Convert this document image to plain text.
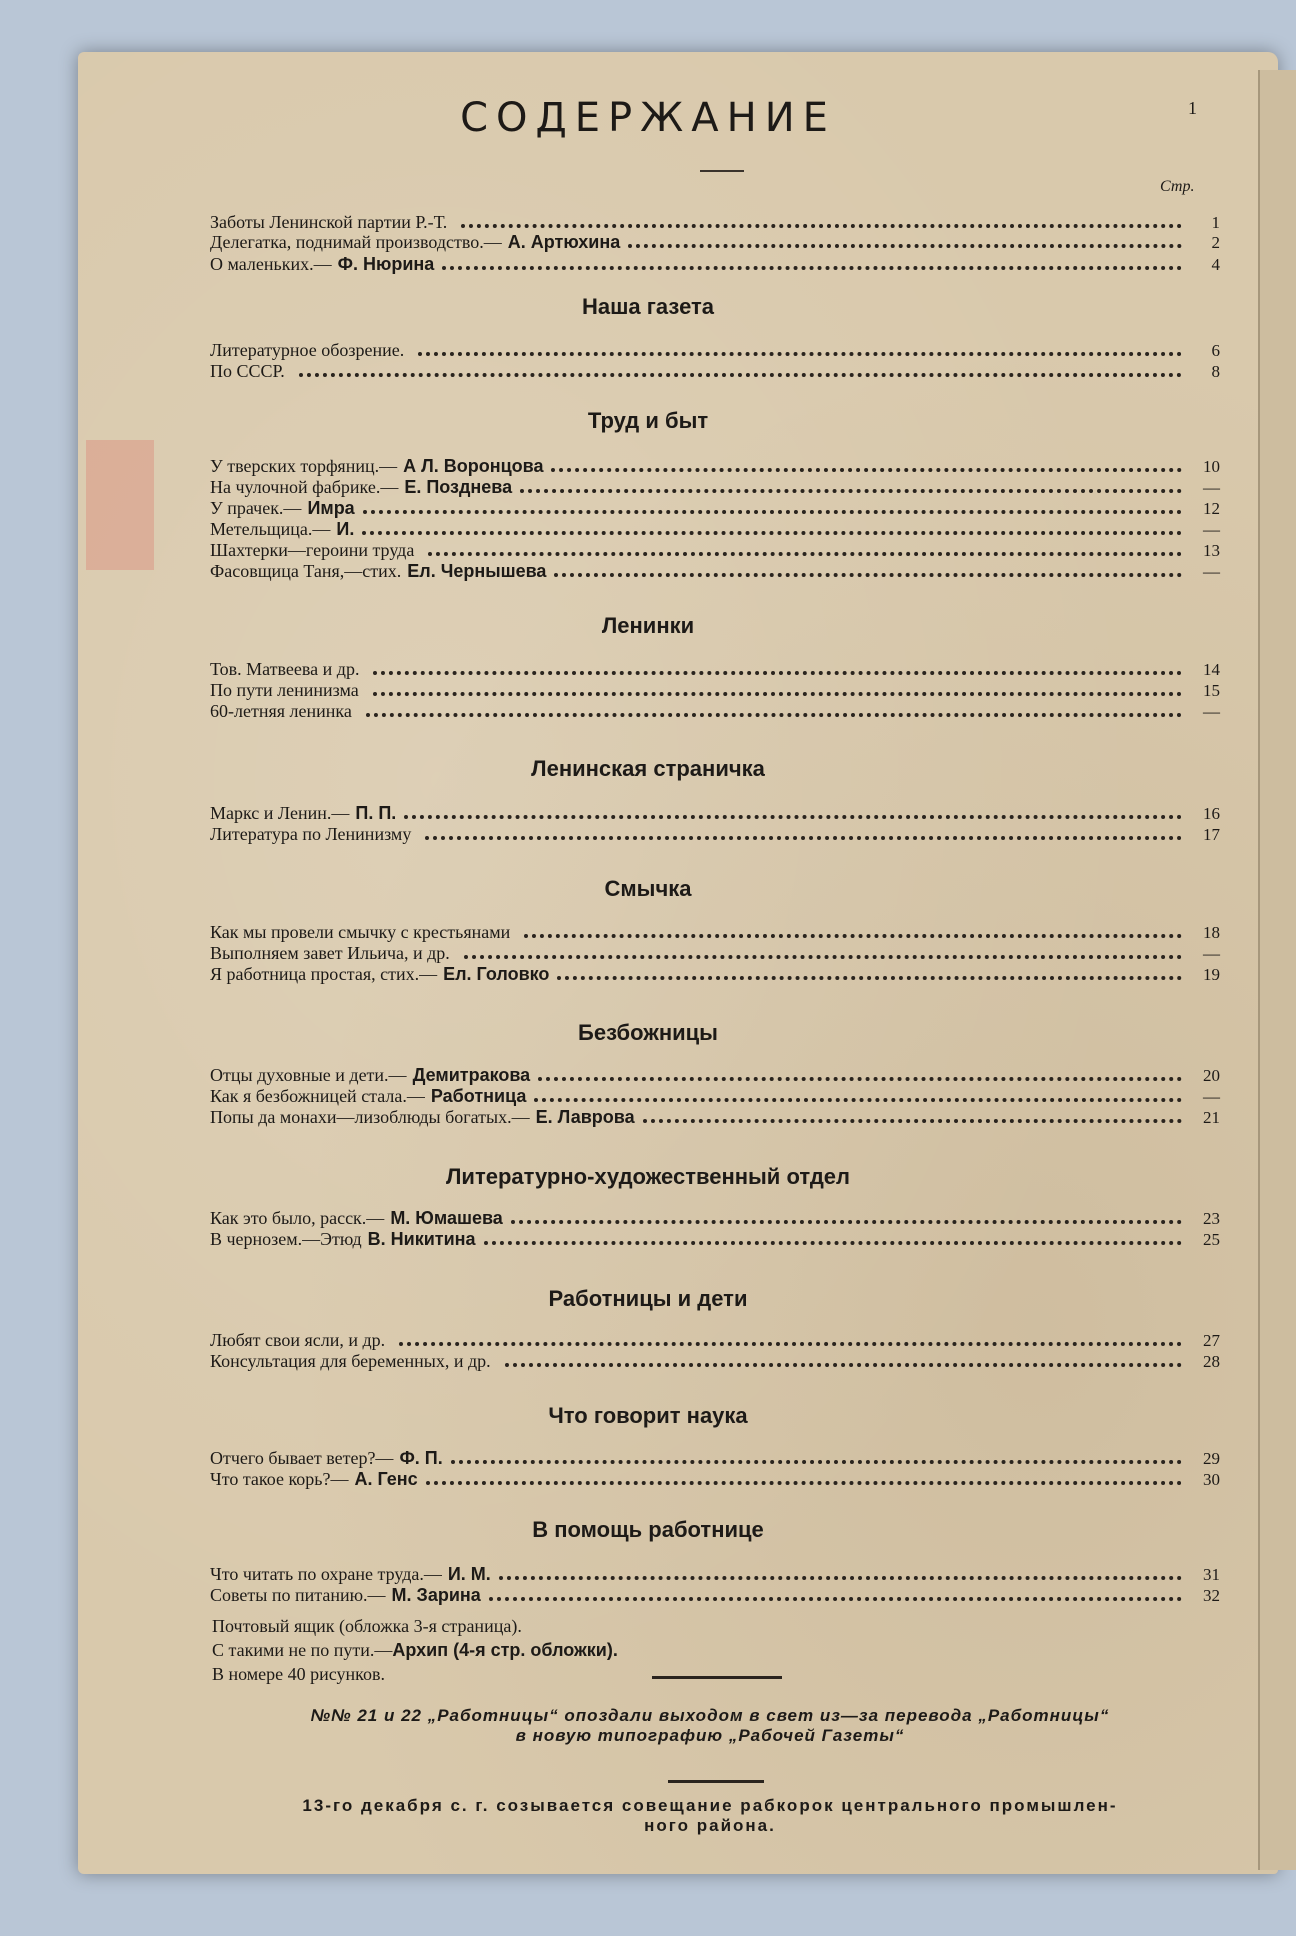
СОДЕРЖАНИЕ	1
Стр.
Заботы Ленинской партии Р.-Т.	1
Делегатка, поднимай производство.— А. Артюхина	2
О маленьких.— Ф. Нюрина	4
Наша газета
Литературное обозрение.	6
По СССР.	8
Труд и быт
У тверских торфяниц.— А Л. Воронцова	10
На чулочной фабрике.— Е. Позднева	—
У прачек.— Имра	12
Метельщица.— И.	—
Шахтерки—героини труда	13
Фасовщица Таня,—стих. Ел. Чернышева	—
Ленинки
Тов. Матвеева и др.	14
По пути ленинизма	15
60-летняя ленинка	—
Ленинская страничка
Маркс и Ленин.— П. П.	16
Литература по Ленинизму	17
Смычка
Как мы провели смычку с крестьянами	18
Выполняем завет Ильича, и др.	—
Я работница простая, стих.— Ел. Головко	19
Безбожницы
Отцы духовные и дети.— Демитракова	20
Как я безбожницей стала.— Работница	—
Попы да монахи—лизоблюды богатых.— Е. Лаврова	21
Литературно-художественный отдел
Как это было, расск.— М. Юмашева	23
В чернозем.—Этюд В. Никитина	25
Работницы и дети
Любят свои ясли, и др.	27
Консультация для беременных, и др.	28
Что говорит наука
Отчего бывает ветер?— Ф. П.	29
Что такое корь?— А. Генс	30
В помощь работнице
Что читать по охране труда.— И. М.	31
Советы по питанию.— М. Зарина	32
Почтовый ящик (обложка 3-я страница).
С такими не по пути.—Архип (4-я стр. обложки).
В номере 40 рисунков.
№№ 21 и 22 „Работницы“ опоздали выходом в свет из—за перевода „Работницы“
в новую типографию „Рабочей Газеты“
13-го декабря с. г. созывается совещание рабкорок центрального промышлен-
ного района.
